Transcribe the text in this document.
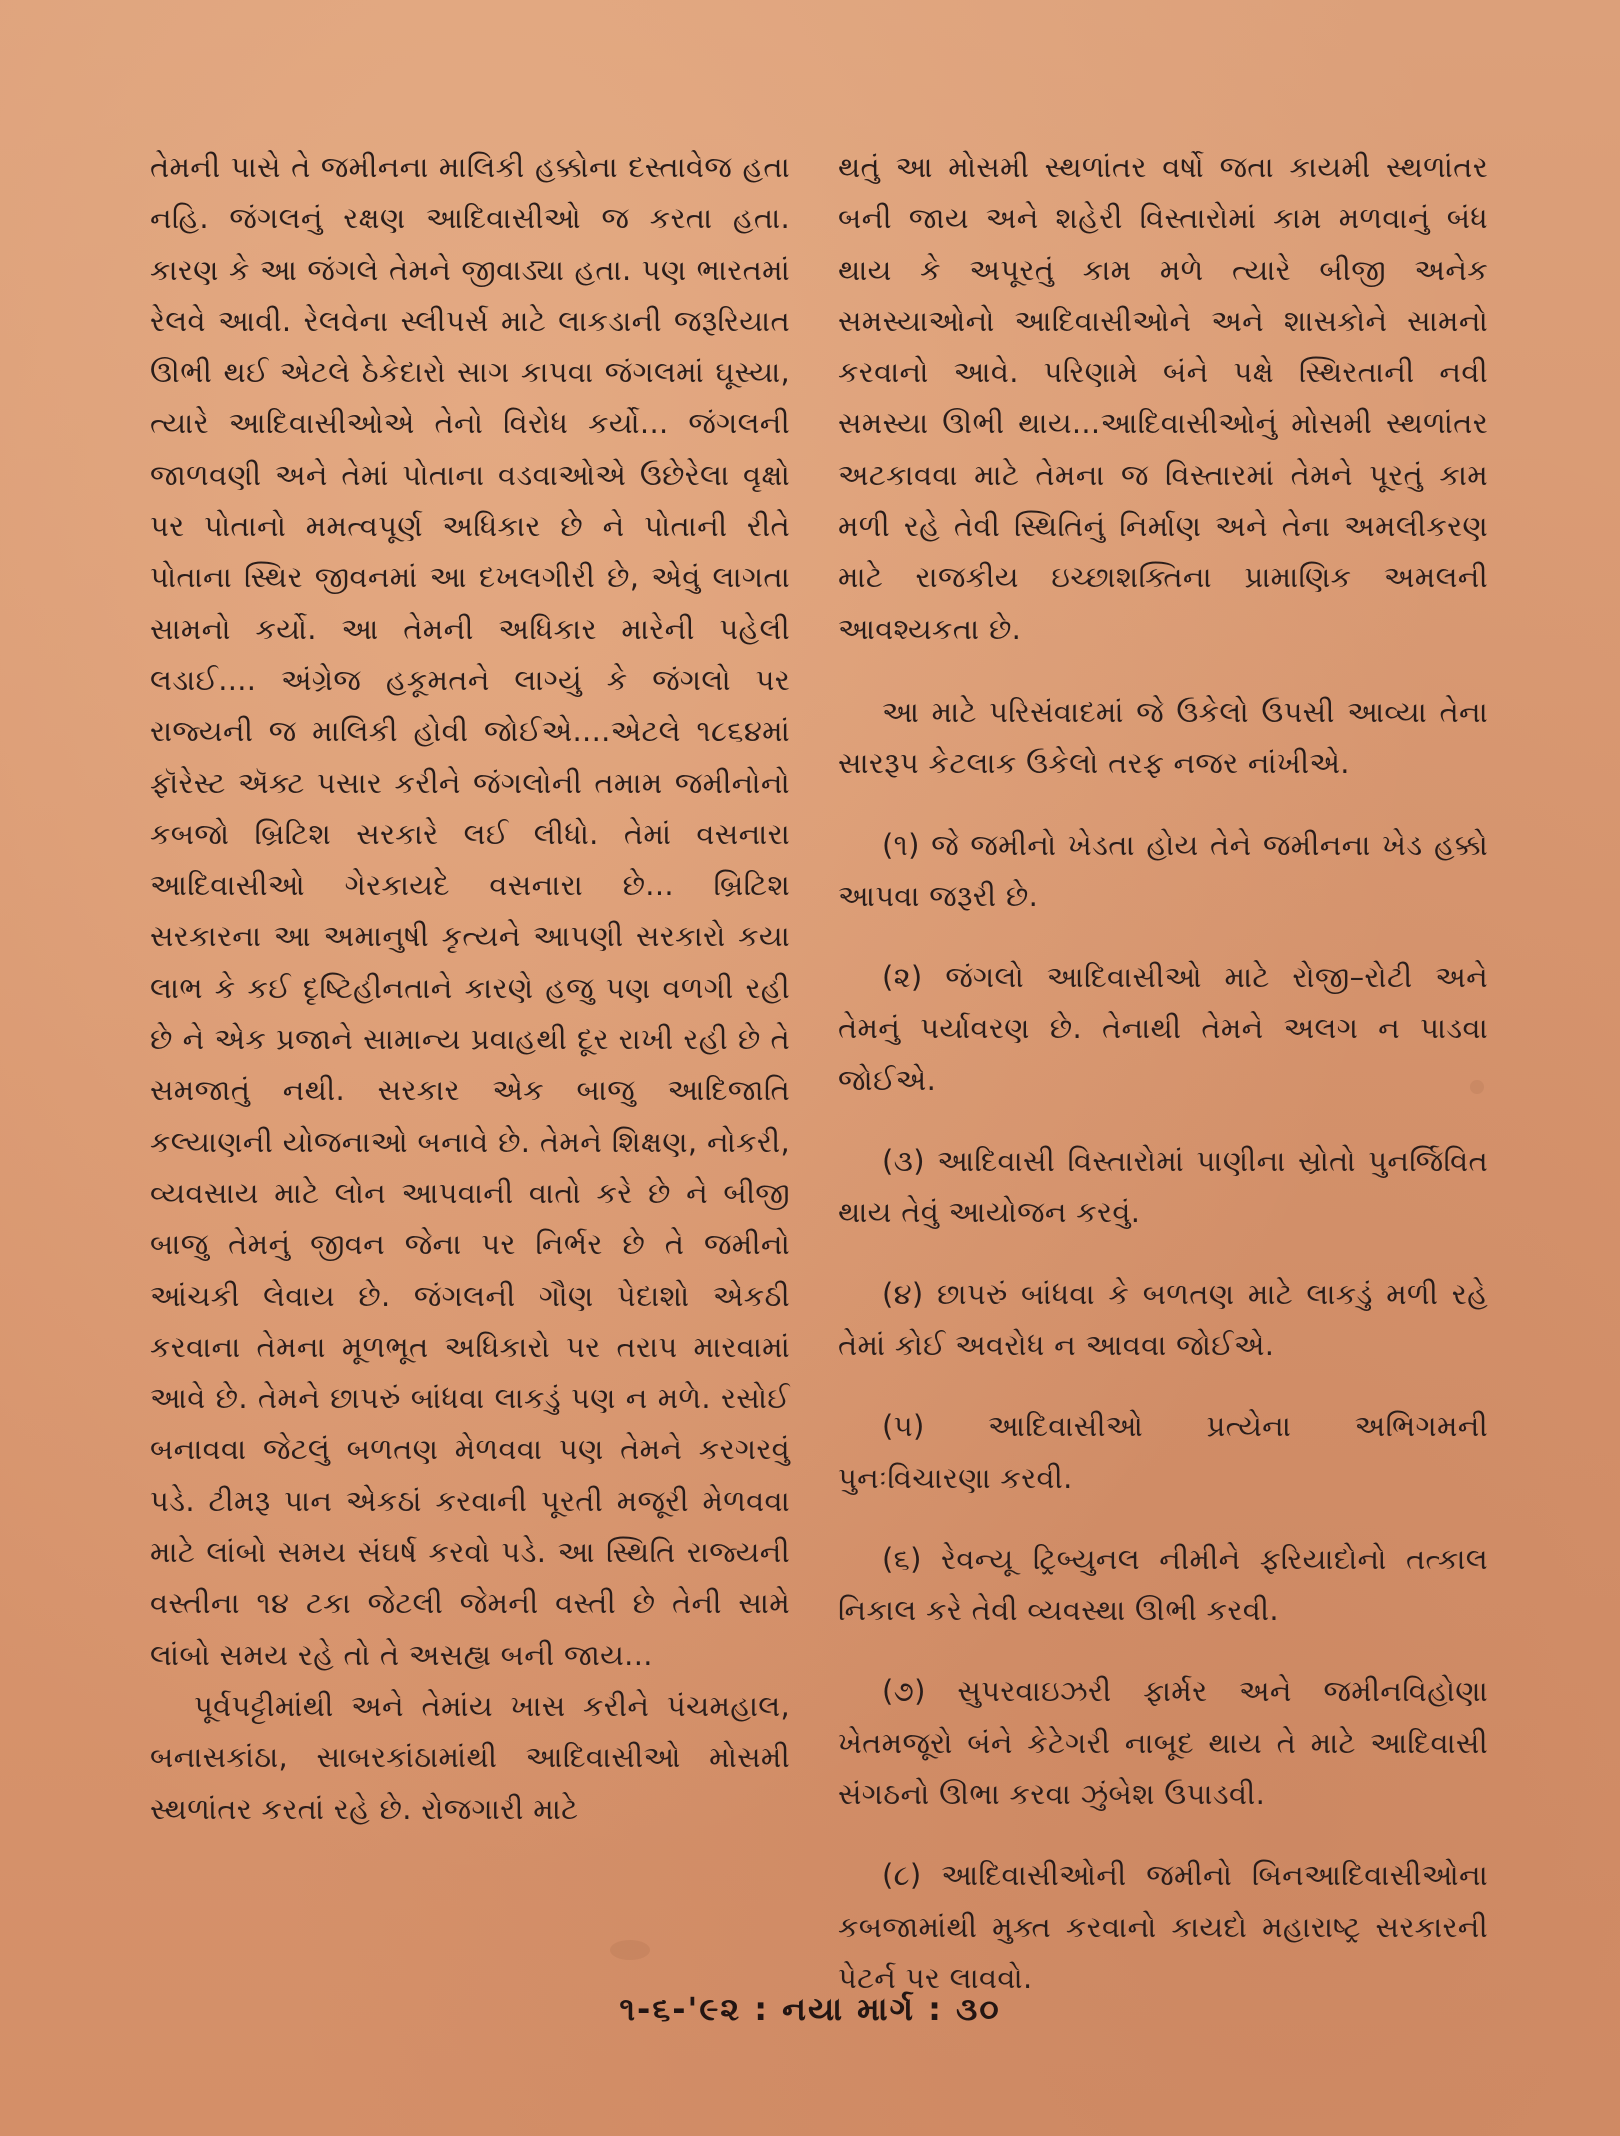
તેમની પાસે તે જમીનના માલિકી હક્કોના દસ્તાવેજ હતા નહિ. જંગલનું રક્ષણ આદિવાસીઓ જ કરતા હતા. કારણ કે આ જંગલે તેમને જીવાડ્યા હતા. પણ ભારતમાં રેલવે આવી. રેલવેના સ્લીપર્સ માટે લાકડાની જરૂરિયાત ઊભી થઈ એટલે ઠેકેદારો સાગ કાપવા જંગલમાં ઘૂસ્યા, ત્યારે આદિવાસીઓએ તેનો વિરોધ કર્યો... જંગલની જાળવણી અને તેમાં પોતાના વડવાઓએ ઉછેરેલા વૃક્ષો પર પોતાનો મમત્વપૂર્ણ અધિકાર છે ને પોતાની રીતે પોતાના સ્થિર જીવનમાં આ દખલગીરી છે, એવું લાગતા સામનો કર્યો. આ તેમની અધિકાર મારેની પહેલી લડાઈ.... અંગ્રેજ હકૂમતને લાગ્યું કે જંગલો પર રાજ્યની જ માલિકી હોવી જોઈએ....એટલે ૧૮૬૪માં ફૉરેસ્ટ ઍક્ટ પસાર કરીને જંગલોની તમામ જમીનોનો કબજો બ્રિટિશ સરકારે લઈ લીધો. તેમાં વસનારા આદિવાસીઓ ગેરકાયદે વસનારા છે... બ્રિટિશ સરકારના આ અમાનુષી કૃત્યને આપણી સરકારો કયા લાભ કે કઈ દૃષ્ટિહીનતાને કારણે હજુ પણ વળગી રહી છે ને એક પ્રજાને સામાન્ય પ્રવાહથી દૂર રાખી રહી છે તે સમજાતું નથી. સરકાર એક બાજુ આદિજાતિ કલ્યાણની યોજનાઓ બનાવે છે. તેમને શિક્ષણ, નોકરી, વ્યવસાય માટે લોન આપવાની વાતો કરે છે ને બીજી બાજુ તેમનું જીવન જેના પર નિર્ભર છે તે જમીનો આંચકી લેવાય છે. જંગલની ગૌણ પેદાશો એકઠી કરવાના તેમના મૂળભૂત અધિકારો પર તરાપ મારવામાં આવે છે. તેમને છાપરું બાંધવા લાકડું પણ ન મળે. રસોઈ બનાવવા જેટલું બળતણ મેળવવા પણ તેમને કરગરવું પડે. ટીમરૂ પાન એકઠાં કરવાની પૂરતી મજૂરી મેળવવા માટે લાંબો સમય સંઘર્ષ કરવો પડે. આ સ્થિતિ રાજ્યની વસ્તીના ૧૪ ટકા જેટલી જેમની વસ્તી છે તેની સામે લાંબો સમય રહે તો તે અસહ્ય બની જાય...

પૂર્વપટ્ટીમાંથી અને તેમાંય ખાસ કરીને પંચમહાલ, બનાસકાંઠા, સાબરકાંઠામાંથી આદિવાસીઓ મોસમી સ્થળાંતર કરતાં રહે છે. રોજગારી માટે

થતું આ મોસમી સ્થળાંતર વર્ષો જતા કાયમી સ્થળાંતર બની જાય અને શહેરી વિસ્તારોમાં કામ મળવાનું બંધ થાય કે અપૂરતું કામ મળે ત્યારે બીજી અનેક સમસ્યાઓનો આદિવાસીઓને અને શાસકોને સામનો કરવાનો આવે. પરિણામે બંને પક્ષે સ્થિરતાની નવી સમસ્યા ઊભી થાય...આદિવાસીઓનું મોસમી સ્થળાંતર અટકાવવા માટે તેમના જ વિસ્તારમાં તેમને પૂરતું કામ મળી રહે તેવી સ્થિતિનું નિર્માણ અને તેના અમલીકરણ માટે રાજકીય ઇચ્છાશક્તિના પ્રામાણિક અમલની આવશ્યકતા છે.

આ માટે પરિસંવાદમાં જે ઉકેલો ઉપસી આવ્યા તેના સારરૂપ કેટલાક ઉકેલો તરફ નજર નાંખીએ.

(૧) જે જમીનો ખેડતા હોય તેને જમીનના ખેડ હક્કો આપવા જરૂરી છે.

(૨) જંગલો આદિવાસીઓ માટે રોજી–રોટી અને તેમનું પર્યાવરણ છે. તેનાથી તેમને અલગ ન પાડવા જોઈએ.

(૩) આદિવાસી વિસ્તારોમાં પાણીના સ્રોતો પુનર્જિવિત થાય તેવું આયોજન કરવું.

(૪) છાપરું બાંધવા કે બળતણ માટે લાકડું મળી રહે તેમાં કોઈ અવરોધ ન આવવા જોઈએ.

(૫) આદિવાસીઓ પ્રત્યેના અભિગમની પુનઃવિચારણા કરવી.

(૬) રેવન્યૂ ટ્રિબ્યુનલ નીમીને ફરિયાદોનો તત્કાલ નિકાલ કરે તેવી વ્યવસ્થા ઊભી કરવી.

(૭) સુપરવાઇઝરી ફાર્મર અને જમીનવિહોણા ખેતમજૂરો બંને કેટેગરી નાબૂદ થાય તે માટે આદિવાસી સંગઠનો ઊભા કરવા ઝુંબેશ ઉપાડવી.

(૮) આદિવાસીઓની જમીનો બિનઆદિવાસીઓના કબજામાંથી મુક્ત કરવાનો કાયદો મહારાષ્ટ્ર સરકારની પેટર્ન પર લાવવો.

૧-૬-'૯૨ : નયા માર્ગ : ૩૦
